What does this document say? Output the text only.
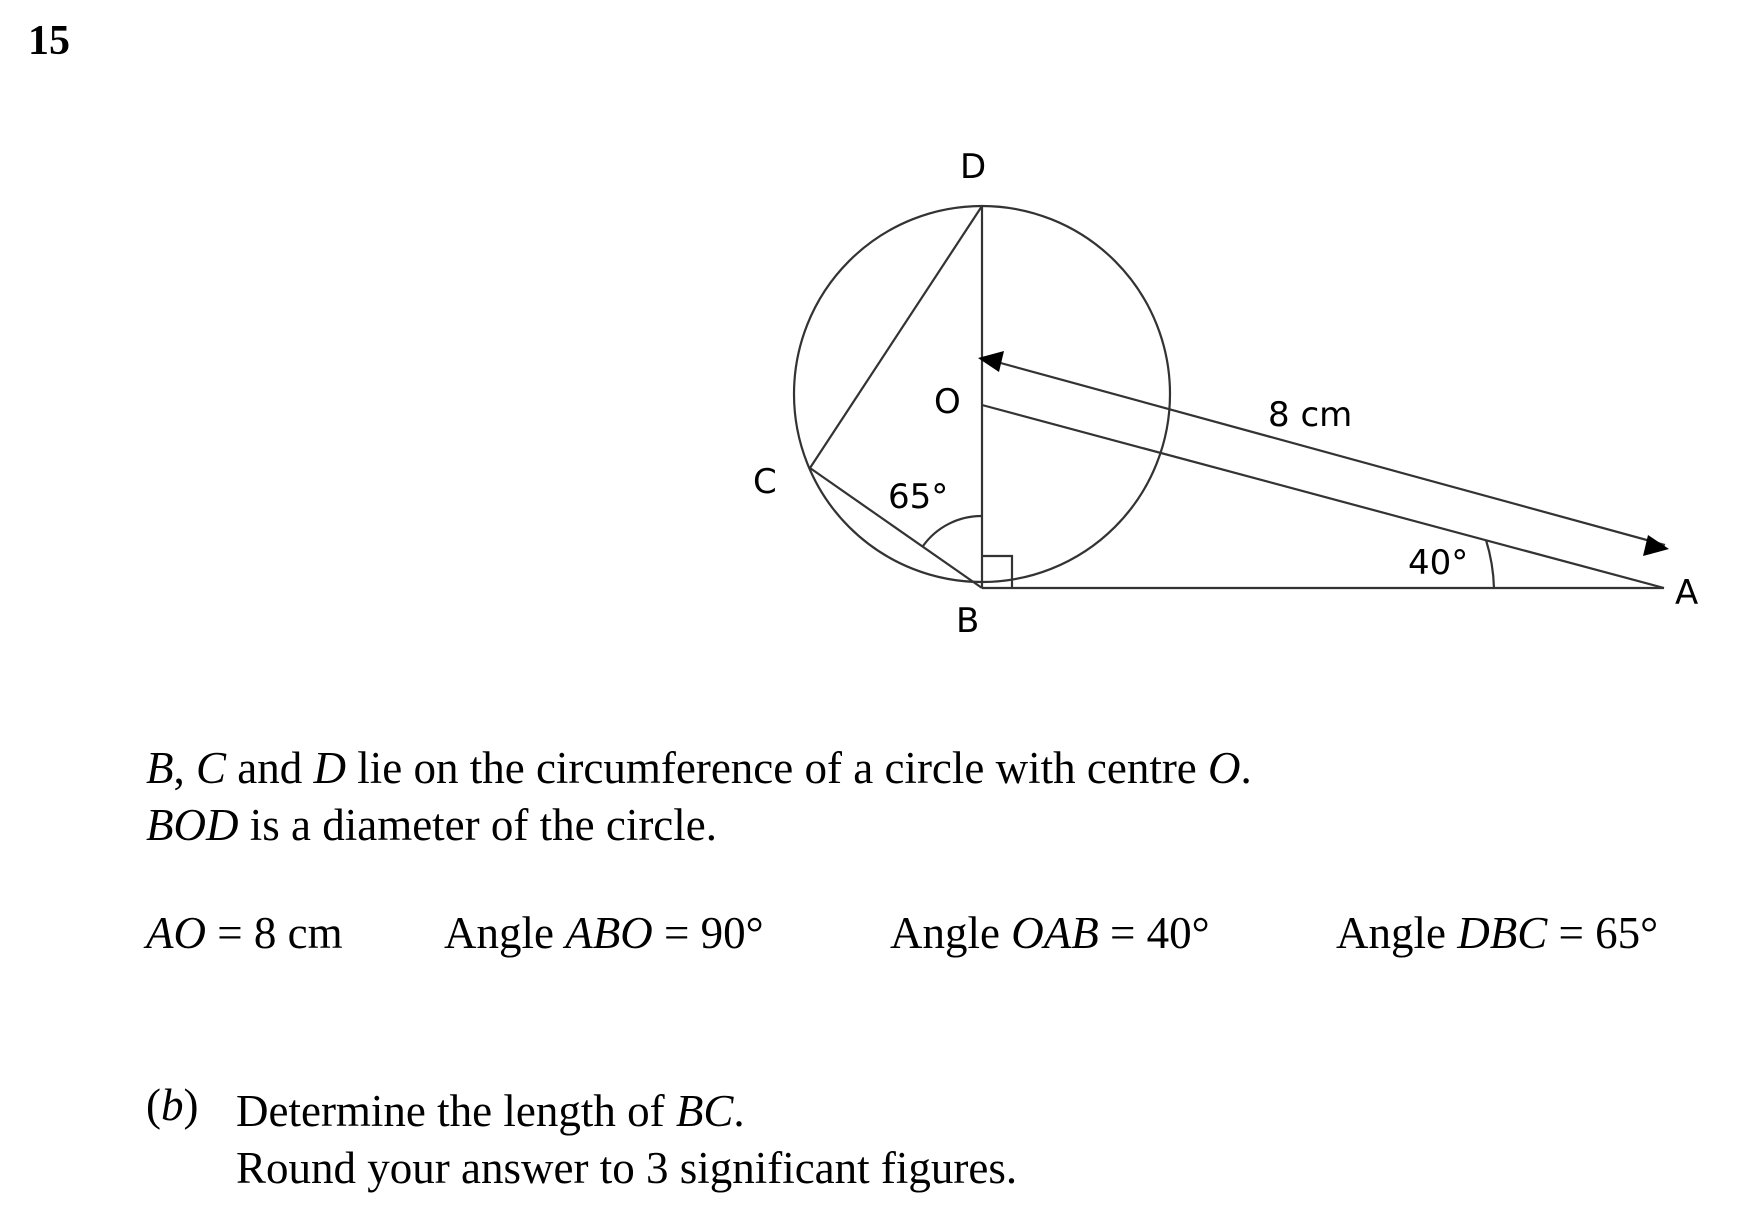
15
D
O
C
B
A
8 cm
65°
40°
B, C and D lie on the circumference of a circle with centre O.
BOD is a diameter of the circle.
AO = 8 cm Angle ABO = 90°	Angle OAB = 40°	Angle DBC = 65°
(b) Determine the length of BC.
Round your answer to 3 significant figures.
